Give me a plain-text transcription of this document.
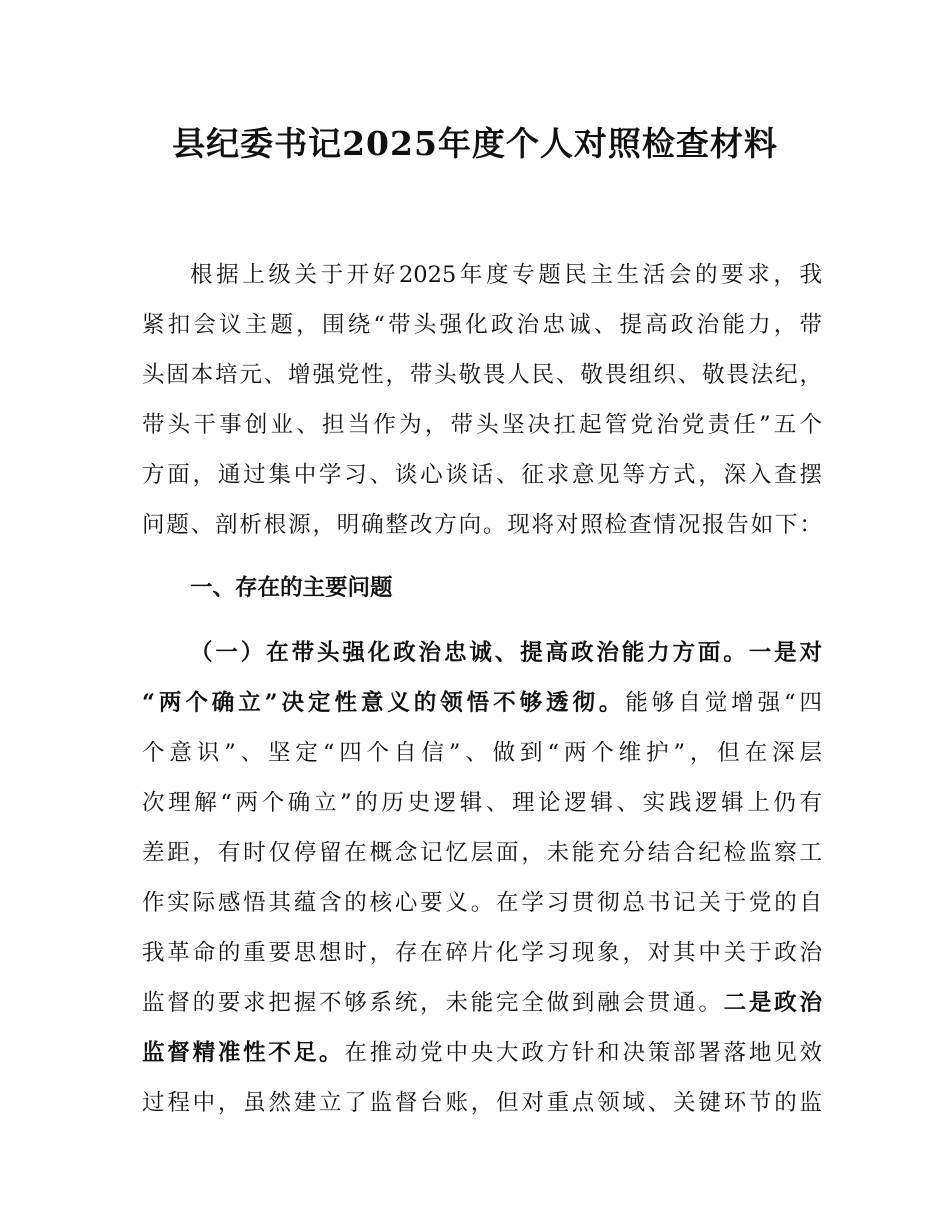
县纪委书记2025年度个人对照检查材料
根据上级关于开好2025年度专题民主生活会的要求，我
紧扣会议主题，围绕“带头强化政治忠诚、提高政治能力，带
头固本培元、增强党性，带头敬畏人民、敬畏组织、敬畏法纪，
带头干事创业、担当作为，带头坚决扛起管党治党责任”五个
方面，通过集中学习、谈心谈话、征求意见等方式，深入查摆
问题、剖析根源，明确整改方向。现将对照检查情况报告如下：
一、存在的主要问题
（一）在带头强化政治忠诚、提高政治能力方面。一是对
“两个确立”决定性意义的领悟不够透彻。能够自觉增强“四
个意识”、坚定“四个自信”、做到“两个维护”，但在深层
次理解“两个确立”的历史逻辑、理论逻辑、实践逻辑上仍有
差距，有时仅停留在概念记忆层面，未能充分结合纪检监察工
作实际感悟其蕴含的核心要义。在学习贯彻总书记关于党的自
我革命的重要思想时，存在碎片化学习现象，对其中关于政治
监督的要求把握不够系统，未能完全做到融会贯通。二是政治
监督精准性不足。在推动党中央大政方针和决策部署落地见效
过程中，虽然建立了监督台账，但对重点领域、关键环节的监
